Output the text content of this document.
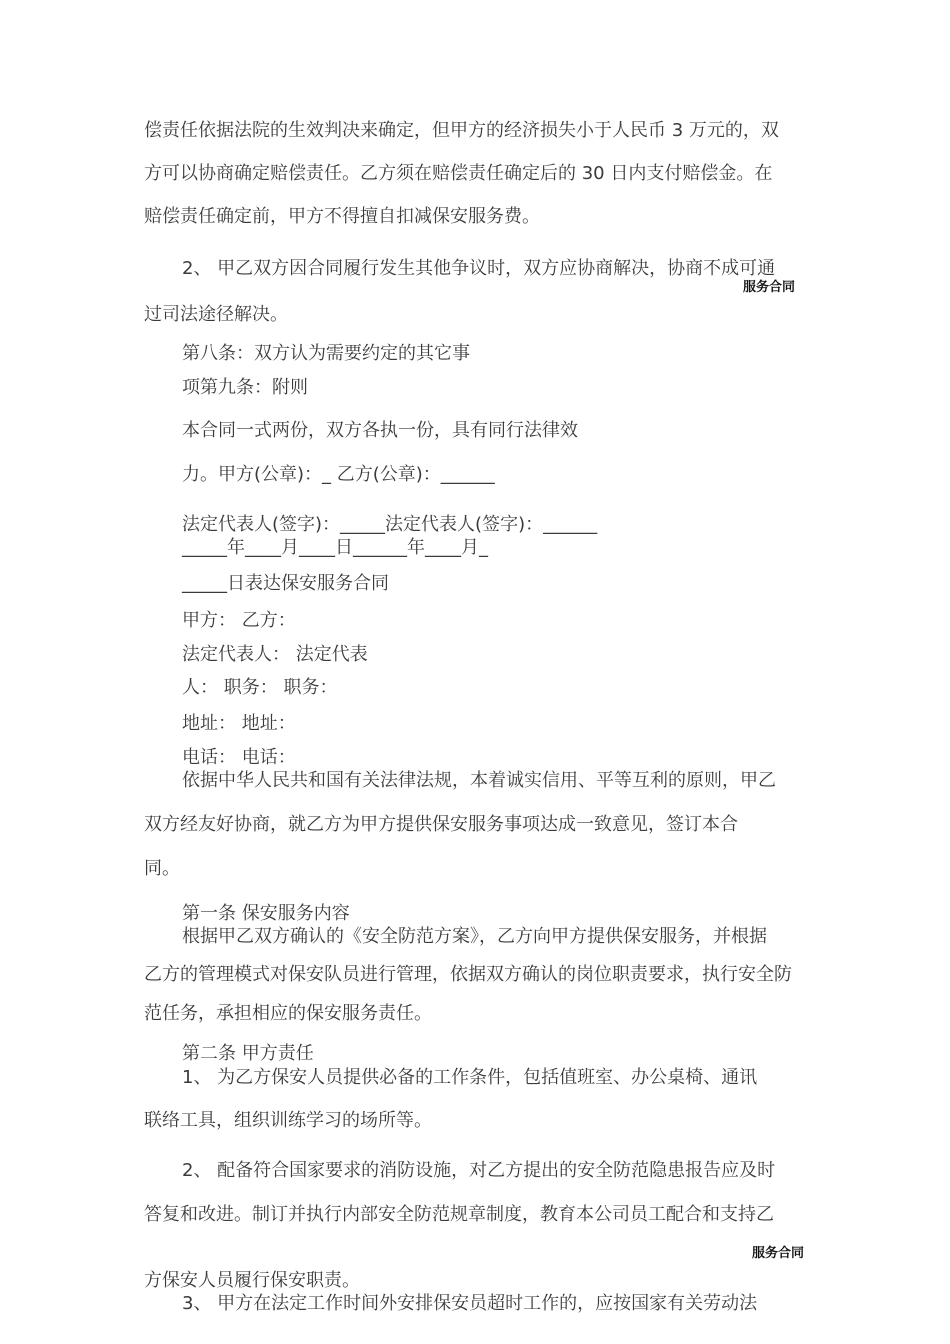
服务合同
服务合同
偿责任依据法院的生效判决来确定，但甲方的经济损失小于人民币 3 万元的，双
方可以协商确定赔偿责任。乙方须在赔偿责任确定后的 30 日内支付赔偿金。在
赔偿责任确定前，甲方不得擅自扣减保安服务费。
2、 甲乙双方因合同履行发生其他争议时，双方应协商解决，协商不成可通
过司法途径解决。
第八条：双方认为需要约定的其它事
项第九条：附则
本合同一式两份，双方各执一份，具有同行法律效
力。甲方(公章)：_ 乙方(公章)：______
法定代表人(签字)：_____法定代表人(签字)：______
_____年____月____日______年____月_
_____日表达保安服务合同
甲方： 乙方：
法定代表人： 法定代表
人： 职务： 职务：
地址： 地址：
电话： 电话：
依据中华人民共和国有关法律法规，本着诚实信用、平等互利的原则，甲乙
双方经友好协商，就乙方为甲方提供保安服务事项达成一致意见，签订本合
同。
第一条 保安服务内容
根据甲乙双方确认的《安全防范方案》，乙方向甲方提供保安服务，并根据
乙方的管理模式对保安队员进行管理，依据双方确认的岗位职责要求，执行安全防
范任务，承担相应的保安服务责任。
第二条 甲方责任
1、 为乙方保安人员提供必备的工作条件，包括值班室、办公桌椅、通讯
联络工具，组织训练学习的场所等。
2、 配备符合国家要求的消防设施，对乙方提出的安全防范隐患报告应及时
答复和改进。制订并执行内部安全防范规章制度，教育本公司员工配合和支持乙
方保安人员履行保安职责。
3、 甲方在法定工作时间外安排保安员超时工作的，应按国家有关劳动法
